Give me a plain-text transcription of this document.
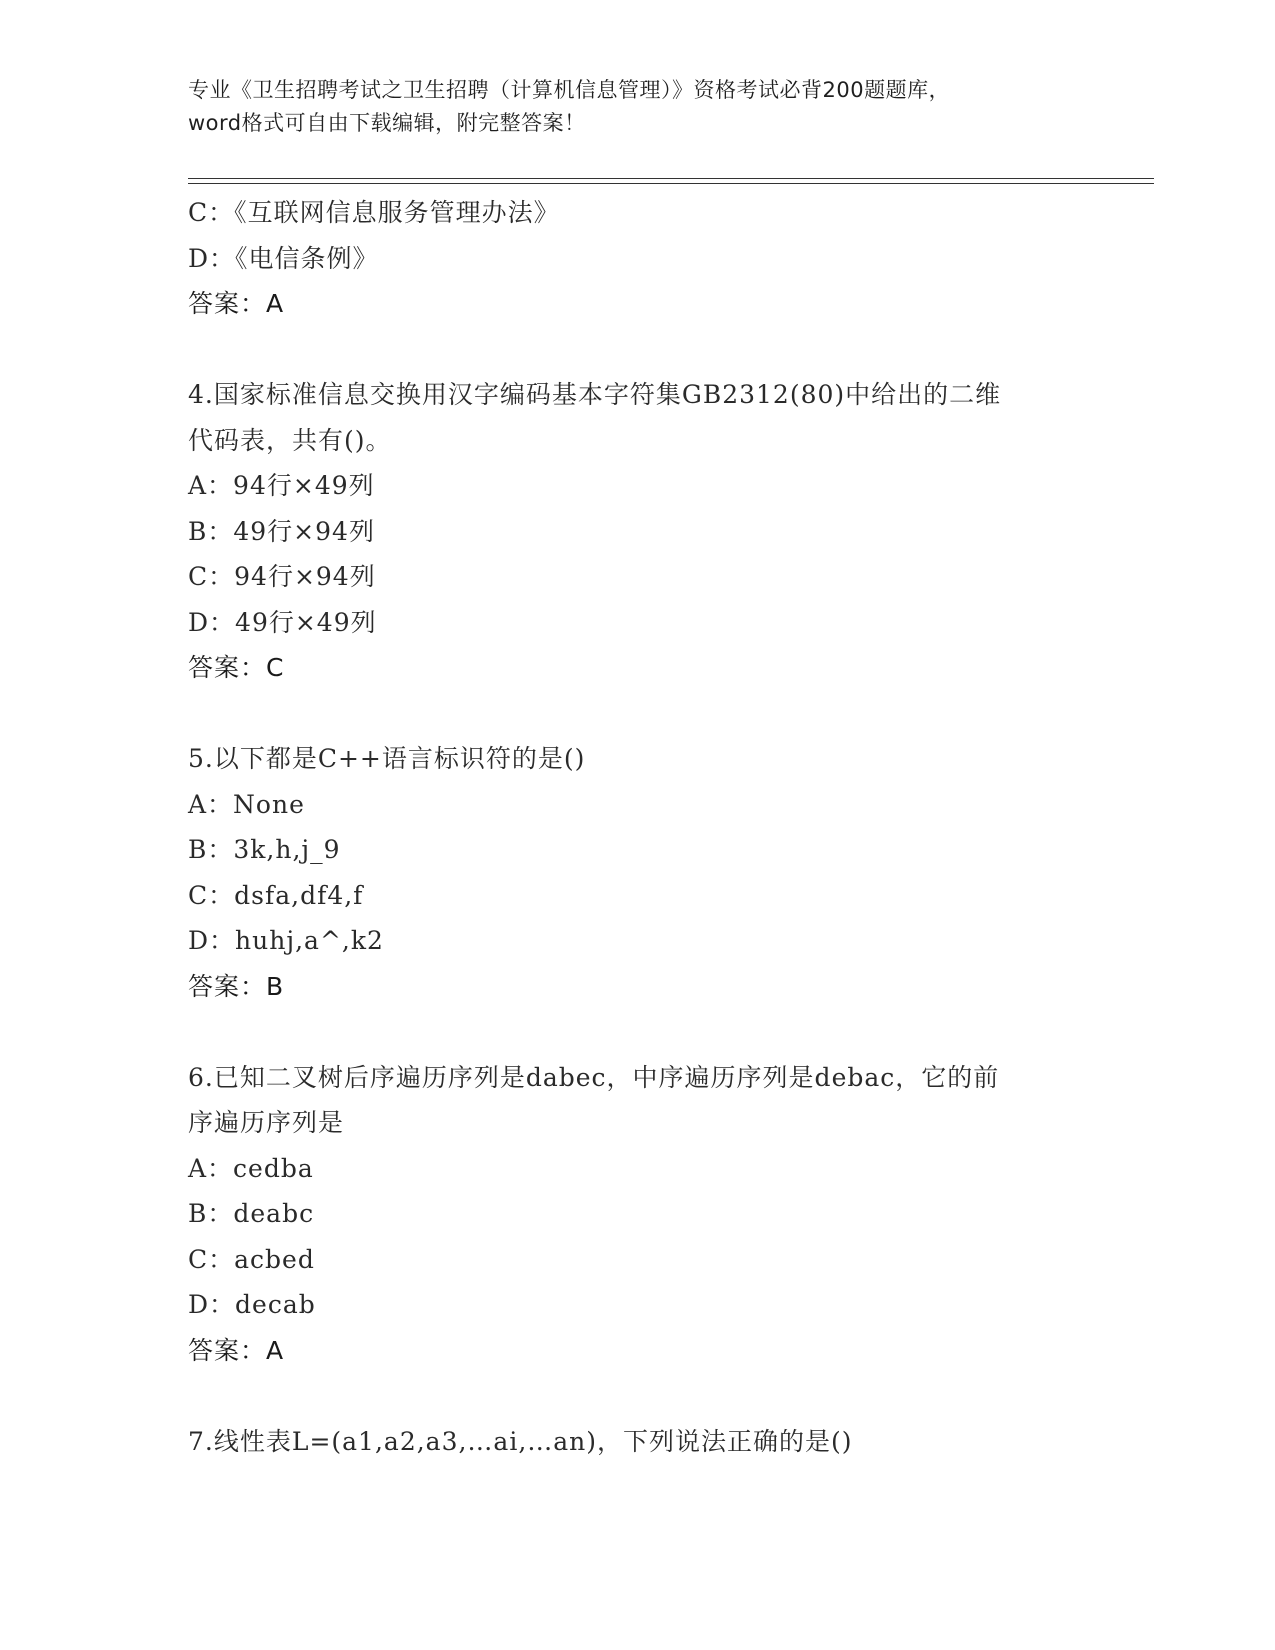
专业《卫生招聘考试之卫生招聘（计算机信息管理）》资格考试必背200题题库，
word格式可自由下载编辑，附完整答案！
C：《互联网信息服务管理办法》
D：《电信条例》
答案：A
4.国家标准信息交换用汉字编码基本字符集GB2312(80)中给出的二维
代码表，共有()。
A：94行×49列
B：49行×94列
C：94行×94列
D：49行×49列
答案：C
5.以下都是C++语言标识符的是()
A：None
B：3k,h,j_9
C：dsfa,df4,f
D：huhj,a^,k2
答案：B
6.已知二叉树后序遍历序列是dabec，中序遍历序列是debac，它的前
序遍历序列是
A：cedba
B：deabc
C：acbed
D：decab
答案：A
7.线性表L=(a1,a2,a3,…ai,…an)，下列说法正确的是()
